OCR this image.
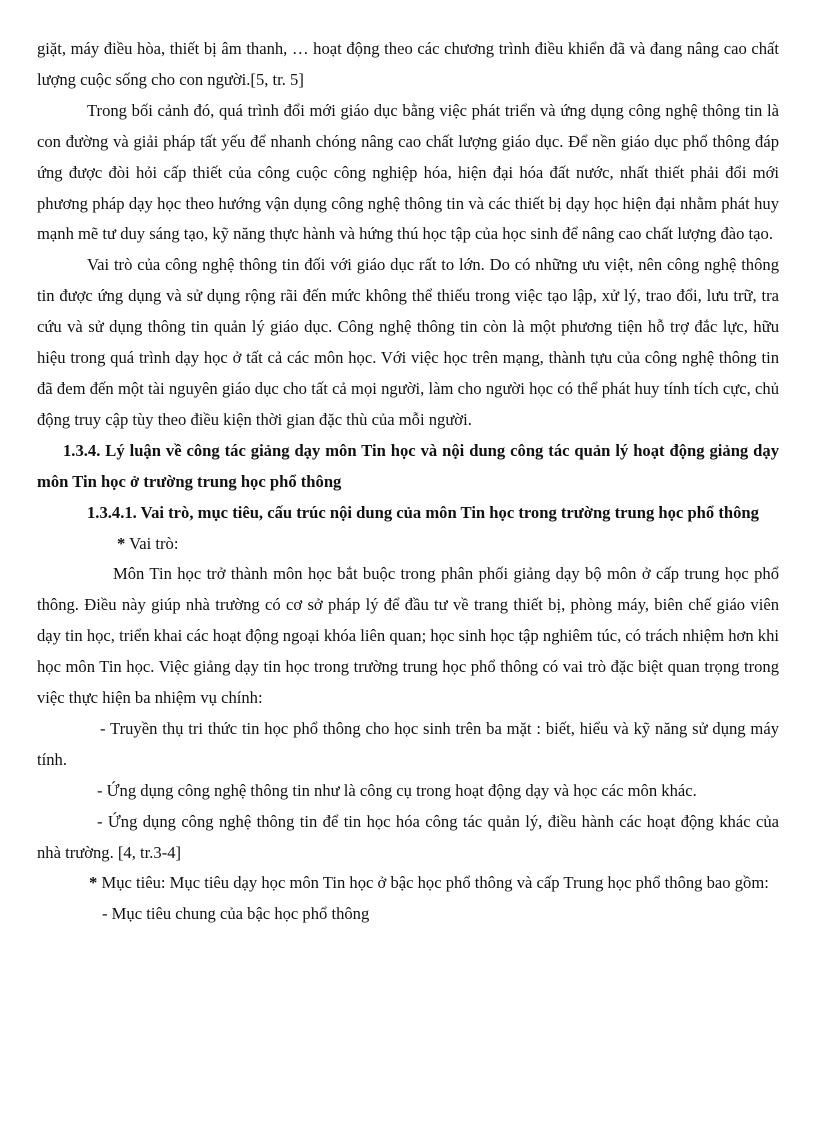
giặt, máy điều hòa, thiết bị âm thanh, … hoạt động theo các chương trình điều khiển đã và đang nâng cao chất lượng cuộc sống cho con người.[5, tr. 5]

Trong bối cảnh đó, quá trình đổi mới giáo dục bằng việc phát triển và ứng dụng công nghệ thông tin là con đường và giải pháp tất yếu để nhanh chóng nâng cao chất lượng giáo dục. Để nền giáo dục phổ thông đáp ứng được đòi hỏi cấp thiết của công cuộc công nghiệp hóa, hiện đại hóa đất nước, nhất thiết phải đổi mới phương pháp dạy học theo hướng vận dụng công nghệ thông tin và các thiết bị dạy học hiện đại nhằm phát huy mạnh mẽ tư duy sáng tạo, kỹ năng thực hành và hứng thú học tập của học sinh để nâng cao chất lượng đào tạo.

Vai trò của công nghệ thông tin đối với giáo dục rất to lớn. Do có những ưu việt, nên công nghệ thông tin được ứng dụng và sử dụng rộng rãi đến mức không thể thiếu trong việc tạo lập, xử lý, trao đổi, lưu trữ, tra cứu và sử dụng thông tin quản lý giáo dục. Công nghệ thông tin còn là một phương tiện hỗ trợ đắc lực, hữu hiệu trong quá trình dạy học ở tất cả các môn học. Với việc học trên mạng, thành tựu của công nghệ thông tin đã đem đến một tài nguyên giáo dục cho tất cả mọi người, làm cho người học có thể phát huy tính tích cực, chủ động truy cập tùy theo điều kiện thời gian đặc thù của mỗi người.

1.3.4. Lý luận về công tác giảng dạy môn Tin học và nội dung công tác quản lý hoạt động giảng dạy môn Tin học ở trường trung học phổ thông

1.3.4.1. Vai trò, mục tiêu, cấu trúc nội dung của môn Tin học trong trường trung học phổ thông

* Vai trò:

Môn Tin học trở thành môn học bắt buộc trong phân phối giảng dạy bộ môn ở cấp trung học phổ thông. Điều này giúp nhà trường có cơ sở pháp lý để đầu tư về trang thiết bị, phòng máy, biên chế giáo viên dạy tin học, triển khai các hoạt động ngoại khóa liên quan; học sinh học tập nghiêm túc, có trách nhiệm hơn khi học môn Tin học. Việc giảng dạy tin học trong trường trung học phổ thông có vai trò đặc biệt quan trọng trong việc thực hiện ba nhiệm vụ chính:

- Truyền thụ tri thức tin học phổ thông cho học sinh trên ba mặt : biết, hiểu và kỹ năng sử dụng máy tính.

- Ứng dụng công nghệ thông tin như là công cụ trong hoạt động dạy và học các môn khác.

- Ứng dụng công nghệ thông tin để tin học hóa công tác quản lý, điều hành các hoạt động khác của nhà trường. [4, tr.3-4]

* Mục tiêu: Mục tiêu dạy học môn Tin học ở bậc học phổ thông và cấp Trung học phổ thông bao gồm:

- Mục tiêu chung của bậc học phổ thông
